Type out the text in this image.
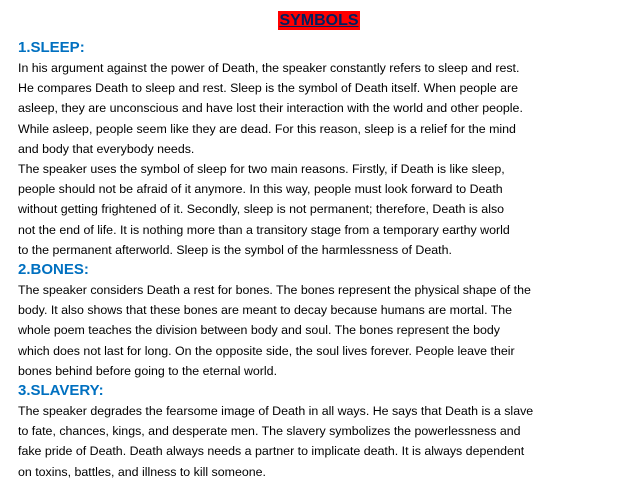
SYMBOLS

1.SLEEP:

In his argument against the power of Death, the speaker constantly refers to sleep and rest.
He compares Death to sleep and rest. Sleep is the symbol of Death itself. When people are
asleep, they are unconscious and have lost their interaction with the world and other people.
While asleep, people seem like they are dead. For this reason, sleep is a relief for the mind
and body that everybody needs.
The speaker uses the symbol of sleep for two main reasons. Firstly, if Death is like sleep,
people should not be afraid of it anymore. In this way, people must look forward to Death
without getting frightened of it. Secondly, sleep is not permanent; therefore, Death is also
not the end of life. It is nothing more than a transitory stage from a temporary earthy world
to the permanent afterworld. Sleep is the symbol of the harmlessness of Death.

2.BONES:

The speaker considers Death a rest for bones. The bones represent the physical shape of the
body. It also shows that these bones are meant to decay because humans are mortal. The
whole poem teaches the division between body and soul. The bones represent the body
which does not last for long. On the opposite side, the soul lives forever. People leave their
bones behind before going to the eternal world.

3.SLAVERY:

The speaker degrades the fearsome image of Death in all ways. He says that Death is a slave
to fate, chances, kings, and desperate men. The slavery symbolizes the powerlessness and
fake pride of Death. Death always needs a partner to implicate death. It is always dependent
on toxins, battles, and illness to kill someone.
